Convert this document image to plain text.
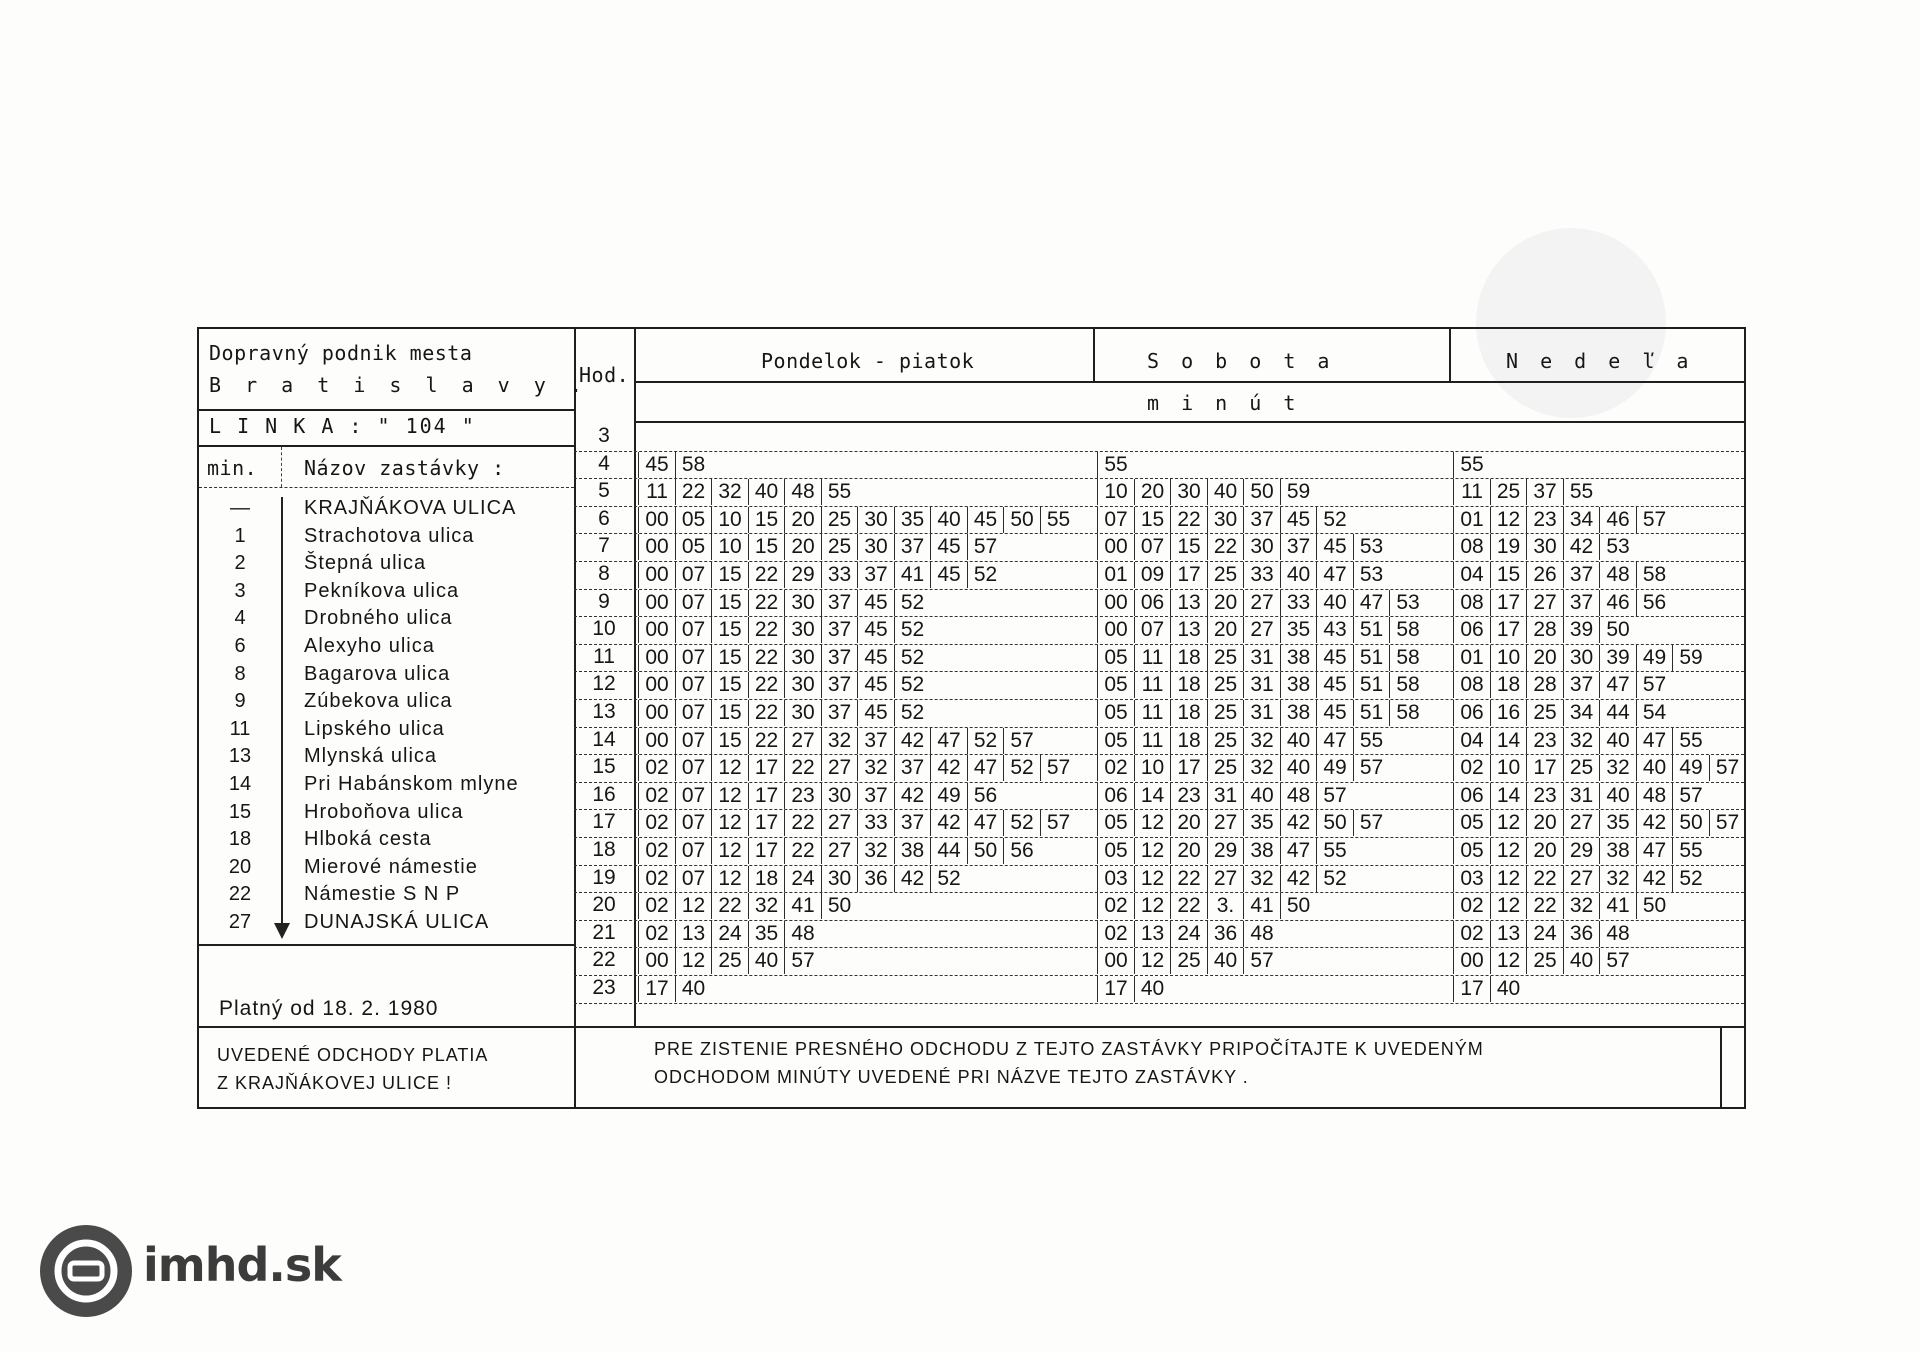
Dopravný podnik mesta
B r a t i s l a v y .
L I N K A : " 104 "
min. Názov zastávky :
Hod.
Pondelok - piatok	S o b o t a	N e d e ľ a
m i n ú t
—	KRAJŇÁKOVA ULICA
1	Strachotova ulica
2	Štepná ulica
3	Pekníkova ulica
4	Drobného ulica
6	Alexyho ulica
8	Bagarova ulica
9	Zúbekova ulica
11	Lipského ulica
13	Mlynská ulica
14	Pri Habánskom mlyne
15	Hroboňova ulica
18	Hlboká cesta
20	Mierové námestie
22	Námestie S N P
27	DUNAJSKÁ ULICA
Platný od 18. 2. 1980
3
4	45 58	55	55
5	11 22 32 40 48 55	10 20 30 40 50 59	11 25 37 55
6	00 05 10 15 20 25 30 35 40 45 50 55	07 15 22 30 37 45 52	01 12 23 34 46 57
7	00 05 10 15 20 25 30 37 45 57	00 07 15 22 30 37 45 53	08 19 30 42 53
8	00 07 15 22 29 33 37 41 45 52	01 09 17 25 33 40 47 53	04 15 26 37 48 58
9	00 07 15 22 30 37 45 52	00 06 13 20 27 33 40 47 53	08 17 27 37 46 56
10	00 07 15 22 30 37 45 52	00 07 13 20 27 35 43 51 58	06 17 28 39 50
11	00 07 15 22 30 37 45 52	05 11 18 25 31 38 45 51 58	01 10 20 30 39 49 59
12	00 07 15 22 30 37 45 52	05 11 18 25 31 38 45 51 58	08 18 28 37 47 57
13	00 07 15 22 30 37 45 52	05 11 18 25 31 38 45 51 58	06 16 25 34 44 54
14	00 07 15 22 27 32 37 42 47 52 57	05 11 18 25 32 40 47 55	04 14 23 32 40 47 55
15	02 07 12 17 22 27 32 37 42 47 52 57	02 10 17 25 32 40 49 57	02 10 17 25 32 40 49 57
16	02 07 12 17 23 30 37 42 49 56	06 14 23 31 40 48 57	06 14 23 31 40 48 57
17	02 07 12 17 22 27 33 37 42 47 52 57	05 12 20 27 35 42 50 57	05 12 20 27 35 42 50 57
18	02 07 12 17 22 27 32 38 44 50 56	05 12 20 29 38 47 55	05 12 20 29 38 47 55
19	02 07 12 18 24 30 36 42 52	03 12 22 27 32 42 52	03 12 22 27 32 42 52
20	02 12 22 32 41 50	02 12 22 3. 41 50	02 12 22 32 41 50
21	02 13 24 35 48	02 13 24 36 48	02 13 24 36 48
22	00 12 25 40 57	00 12 25 40 57	00 12 25 40 57
23	17 40	17 40	17 40
UVEDENÉ ODCHODY PLATIA
Z KRAJŇÁKOVEJ ULICE !
PRE ZISTENIE PRESNÉHO ODCHODU Z TEJTO ZASTÁVKY PRIPOČÍTAJTE K UVEDENÝM
ODCHODOM MINÚTY UVEDENÉ PRI NÁZVE TEJTO ZASTÁVKY .
imhd.sk
